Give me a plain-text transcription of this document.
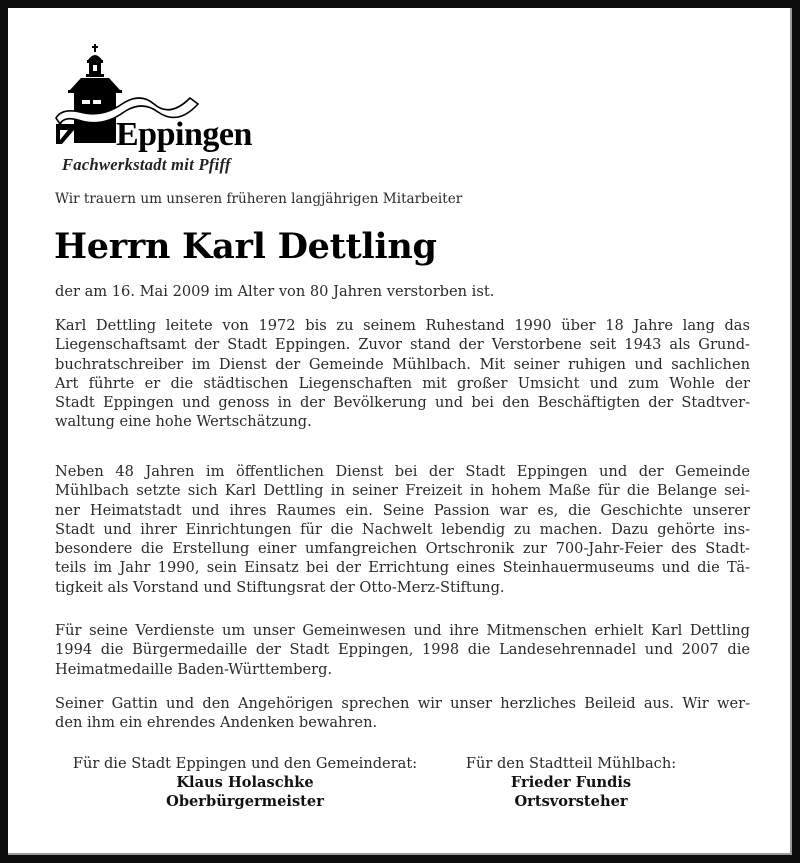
Eppingen
Fachwerkstadt mit Pfiff
Wir trauern um unseren früheren langjährigen Mitarbeiter
Herrn Karl Dettling
der am 16. Mai 2009 im Alter von 80 Jahren verstorben ist.
Karl Dettling leitete von 1972 bis zu seinem Ruhestand 1990 über 18 Jahre lang das
Liegenschaftsamt der Stadt Eppingen. Zuvor stand der Verstorbene seit 1943 als Grund-
buchratschreiber im Dienst der Gemeinde Mühlbach. Mit seiner ruhigen und sachlichen
Art führte er die städtischen Liegenschaften mit großer Umsicht und zum Wohle der
Stadt Eppingen und genoss in der Bevölkerung und bei den Beschäftigten der Stadtver-
waltung eine hohe Wertschätzung.
Neben 48 Jahren im öffentlichen Dienst bei der Stadt Eppingen und der Gemeinde
Mühlbach setzte sich Karl Dettling in seiner Freizeit in hohem Maße für die Belange sei-
ner Heimatstadt und ihres Raumes ein. Seine Passion war es, die Geschichte unserer
Stadt und ihrer Einrichtungen für die Nachwelt lebendig zu machen. Dazu gehörte ins-
besondere die Erstellung einer umfangreichen Ortschronik zur 700-Jahr-Feier des Stadt-
teils im Jahr 1990, sein Einsatz bei der Errichtung eines Steinhauermuseums und die Tä-
tigkeit als Vorstand und Stiftungsrat der Otto-Merz-Stiftung.
Für seine Verdienste um unser Gemeinwesen und ihre Mitmenschen erhielt Karl Dettling
1994 die Bürgermedaille der Stadt Eppingen, 1998 die Landesehrennadel und 2007 die
Heimatmedaille Baden-Württemberg.
Seiner Gattin und den Angehörigen sprechen wir unser herzliches Beileid aus. Wir wer-
den ihm ein ehrendes Andenken bewahren.
Für die Stadt Eppingen und den Gemeinderat:
Klaus Holaschke
Oberbürgermeister
Für den Stadtteil Mühlbach:
Frieder Fundis
Ortsvorsteher
